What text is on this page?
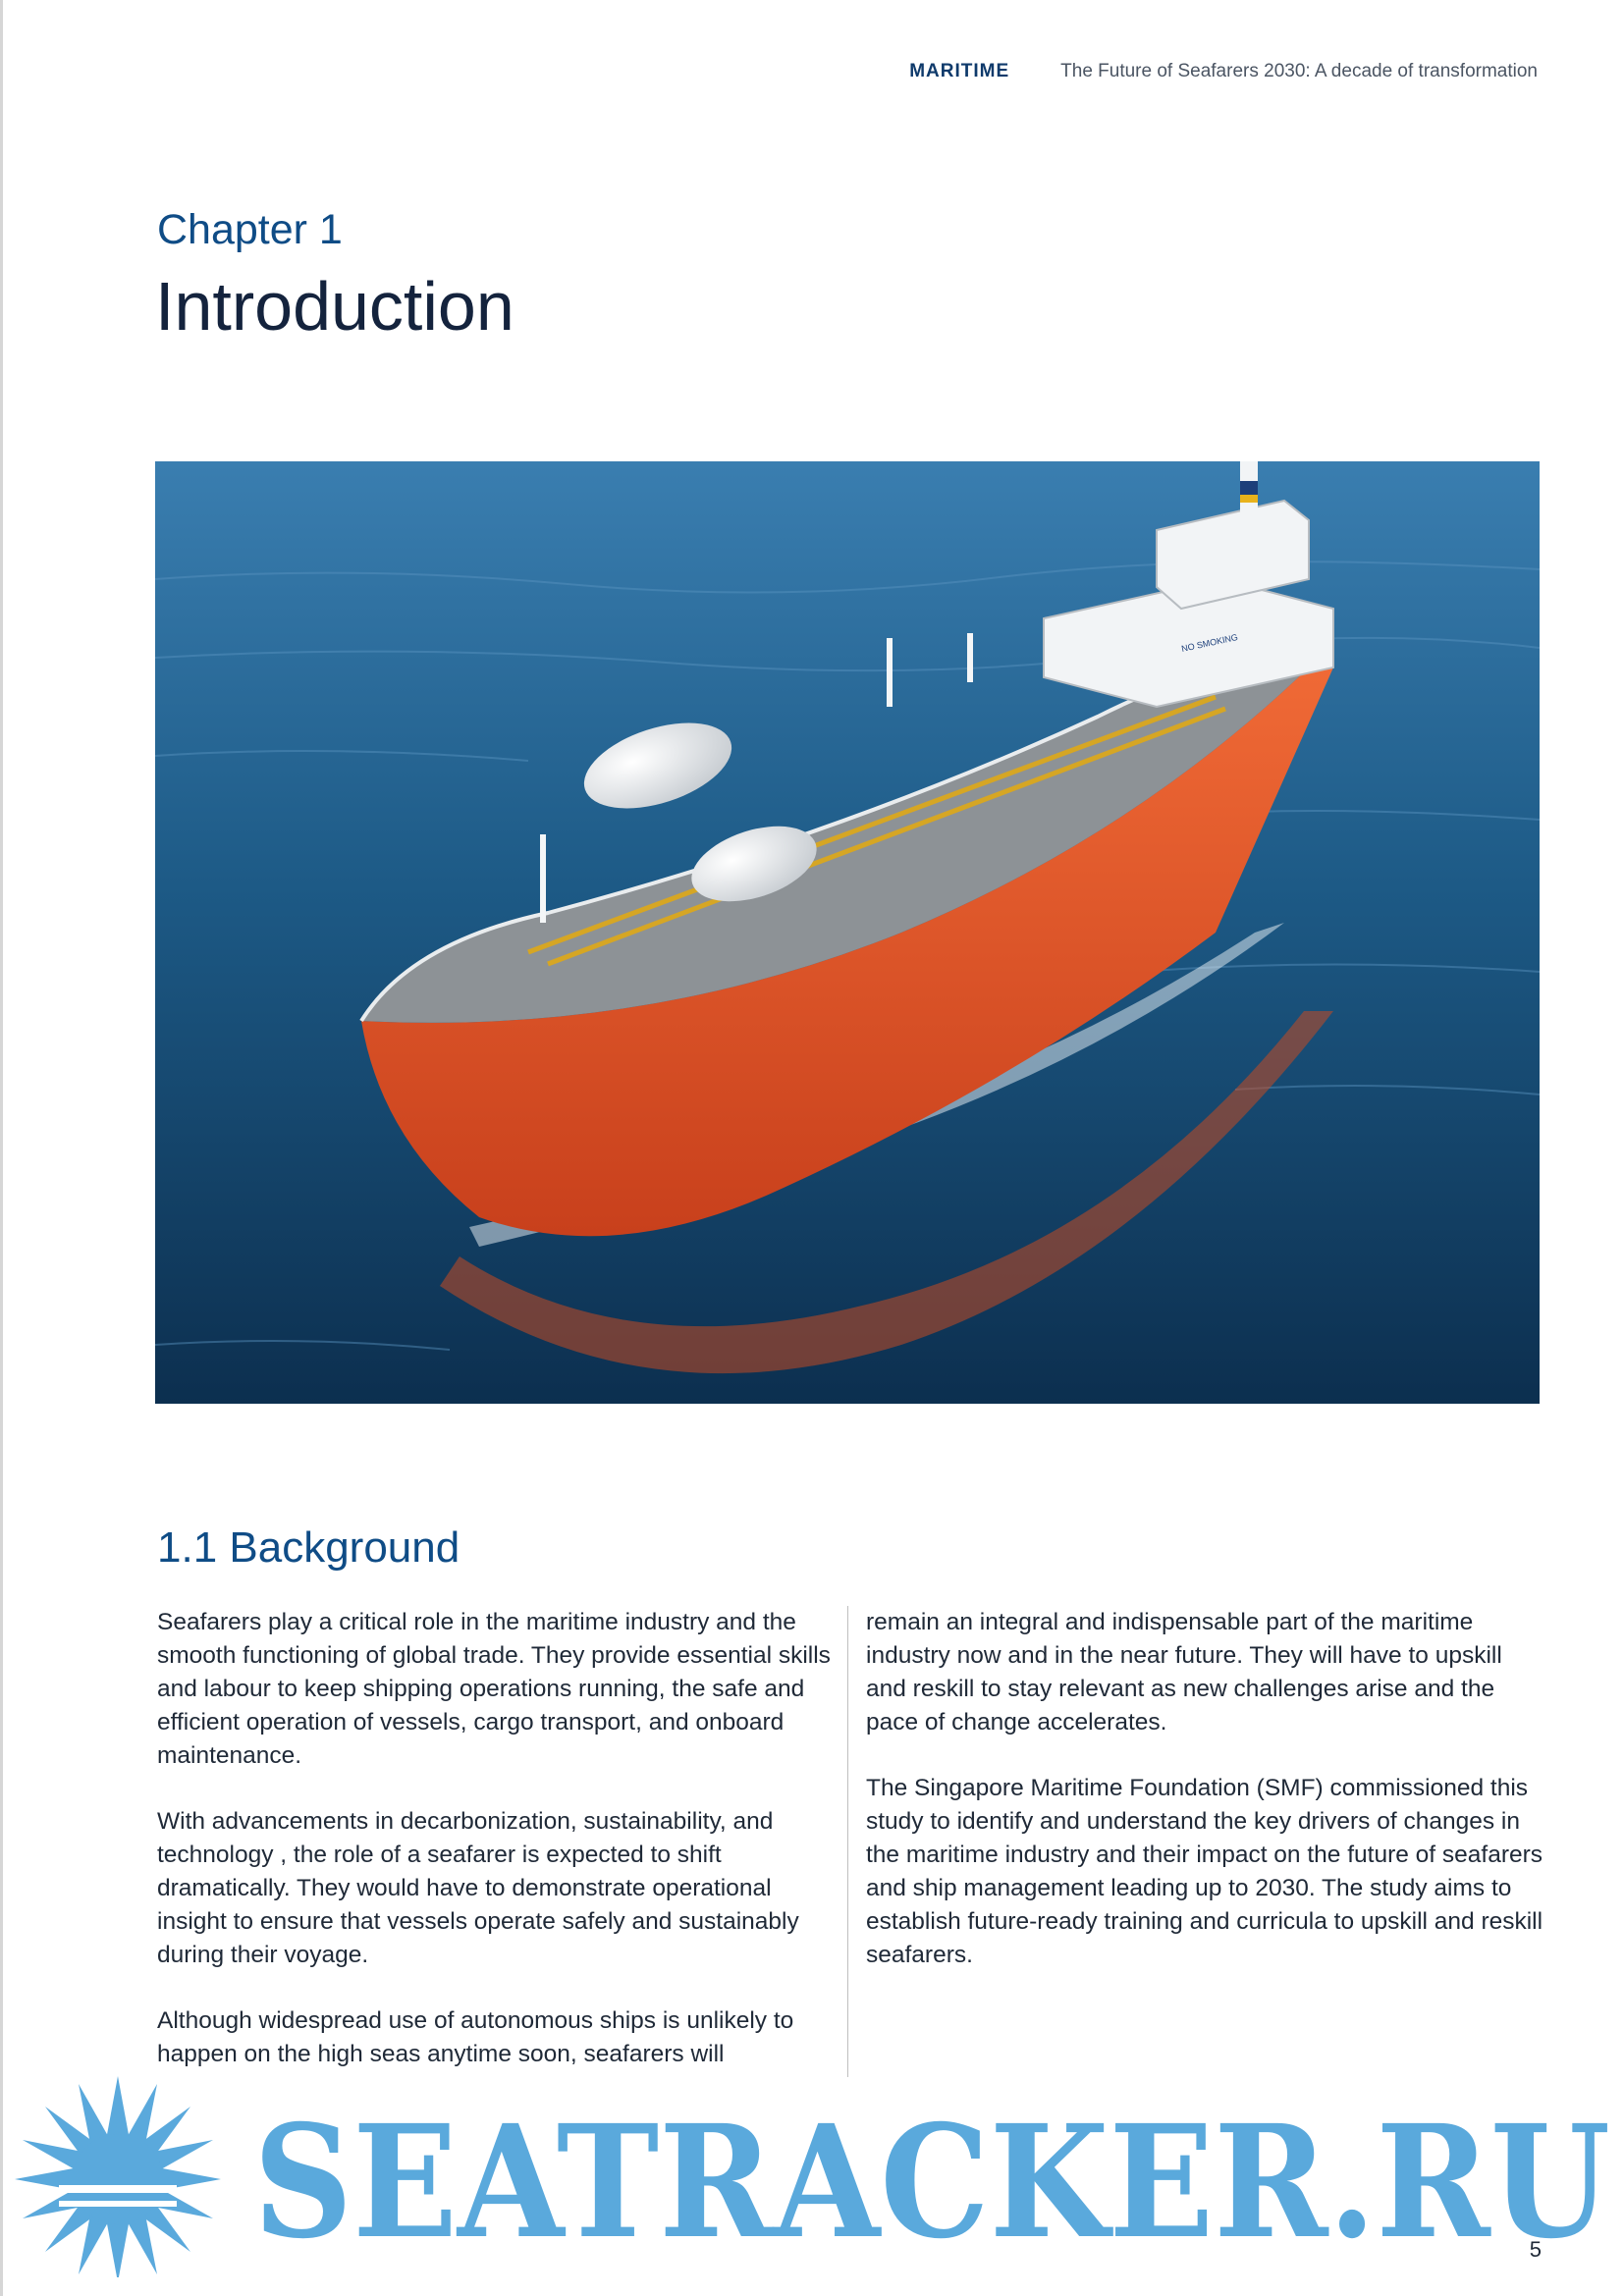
MARITIME	The Future of Seafarers 2030: A decade of transformation
Chapter 1
Introduction
NO SMOKING
1.1 Background

Seafarers play a critical role in the maritime industry and the smooth functioning of global trade. They provide essential skills and labour to keep shipping operations running, the safe and efficient operation of vessels, cargo transport, and onboard maintenance.

With advancements in decarbonization, sustainability, and technology , the role of a seafarer is expected to shift dramatically. They would have to demonstrate operational insight to ensure that vessels operate safely and sustainably during their voyage.

Although widespread use of autonomous ships is unlikely to happen on the high seas anytime soon, seafarers will

remain an integral and indispensable part of the maritime industry now and in the near future. They will have to upskill and reskill to stay relevant as new challenges arise and the pace of change accelerates.

The Singapore Maritime Foundation (SMF) commissioned this study to identify and understand the key drivers of changes in the maritime industry and their impact on the future of seafarers and ship management leading up to 2030. The study aims to establish future-ready training and curricula to upskill and reskill seafarers.

SEATRACKER.RU
5
